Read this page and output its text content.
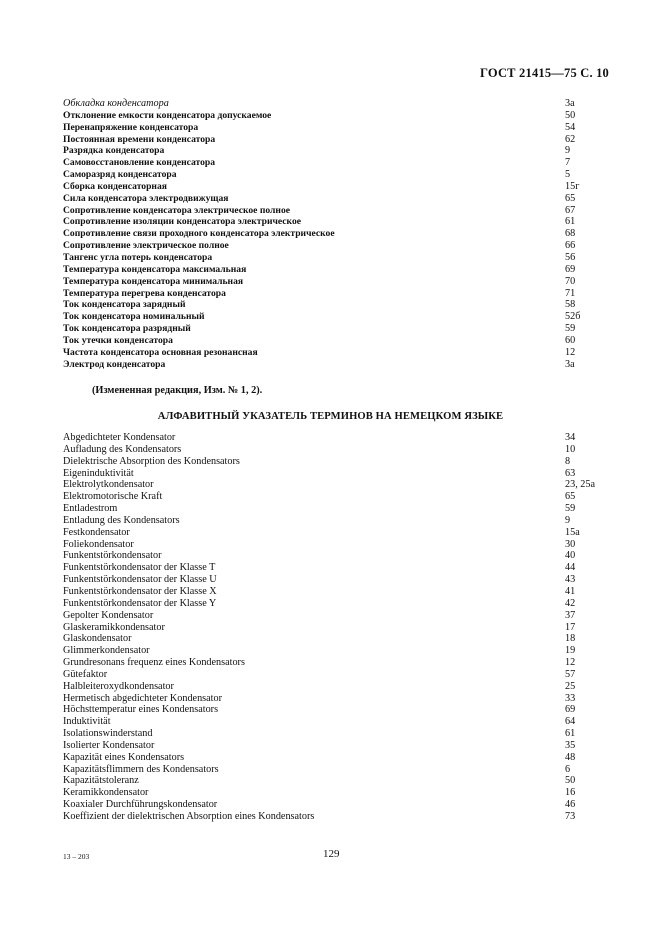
ГОСТ 21415—75 С. 10
Обкладка конденсатора	3а
Отклонение емкости конденсатора допускаемое	50
Перенапряжение конденсатора	54
Постоянная времени конденсатора	62
Разрядка конденсатора	9
Самовосстановление конденсатора	7
Саморазряд конденсатора	5
Сборка конденсаторная	15г
Сила конденсатора электродвижущая	65
Сопротивление конденсатора электрическое полное	67
Сопротивление изоляции конденсатора электрическое	61
Сопротивление связи проходного конденсатора электрическое	68
Сопротивление электрическое полное	66
Тангенс угла потерь конденсатора	56
Температура конденсатора максимальная	69
Температура конденсатора минимальная	70
Температура перегрева конденсатора	71
Ток конденсатора зарядный	58
Ток конденсатора номинальный	52б
Ток конденсатора разрядный	59
Ток утечки конденсатора	60
Частота конденсатора основная резонансная	12
Электрод конденсатора	3а
(Измененная редакция, Изм. № 1, 2).
АЛФАВИТНЫЙ УКАЗАТЕЛЬ ТЕРМИНОВ НА НЕМЕЦКОМ ЯЗЫКЕ
Abgedichteter Kondensator	34
Aufladung des Kondensators	10
Dielektrische Absorption des Kondensators	8
Eigeninduktivität	63
Elektrolytkondensator	23, 25a
Elektromotorische Kraft	65
Entladestrom	59
Entladung des Kondensators	9
Festkondensator	15a
Foliekondensator	30
Funkentstörkondensator	40
Funkentstörkondensator der Klasse T	44
Funkentstörkondensator der Klasse U	43
Funkentstörkondensator der Klasse X	41
Funkentstörkondensator der Klasse Y	42
Gepolter Kondensator	37
Glaskeramikkondensator	17
Glaskondensator	18
Glimmerkondensator	19
Grundresonans frequenz eines Kondensators	12
Gütefaktor	57
Halbleiteroxydkondensator	25
Hermetisch abgedichteter Kondensator	33
Höchsttemperatur eines Kondensators	69
Induktivität	64
Isolationswinderstand	61
Isolierter Kondensator	35
Kapazität eines Kondensators	48
Kapazitätsflimmern des Kondensators	6
Kapazitätstoleranz	50
Keramikkondensator	16
Koaxialer Durchführungskondensator	46
Koeffizient der dielektrischen Absorption eines Kondensators	73
13 – 203	129
